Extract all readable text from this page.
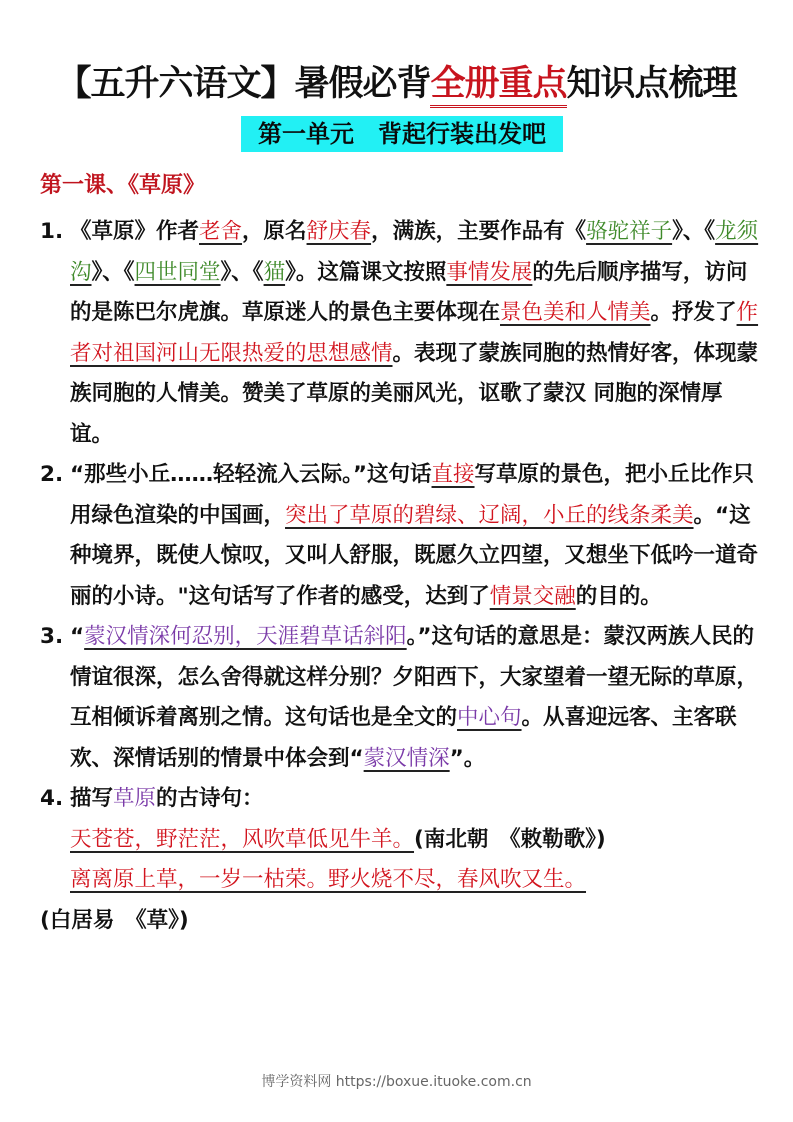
【五升六语文】暑假必背全册重点知识点梳理
第一单元　背起行装出发吧
第一课、《草原》

1. 《草原》作者老舍，原名舒庆春，满族，主要作品有《骆驼祥子》、《龙须沟》、《四世同堂》、《猫》。这篇课文按照事情发展的先后顺序描写，访问的是陈巴尔虎旗。草原迷人的景色主要体现在景色美和人情美。抒发了作者对祖国河山无限热爱的思想感情。表现了蒙族同胞的热情好客，体现蒙族同胞的人情美。赞美了草原的美丽风光，讴歌了蒙汉 同胞的深情厚谊。

2. “那些小丘……轻轻流入云际。”这句话直接写草原的景色，把小丘比作只用绿色渲染的中国画，突出了草原的碧绿、辽阔，小丘的线条柔美。“这种境界，既使人惊叹，又叫人舒服，既愿久立四望，又想坐下低吟一道奇丽的小诗。"这句话写了作者的感受，达到了情景交融的目的。

3. “蒙汉情深何忍别，天涯碧草话斜阳。”这句话的意思是：蒙汉两族人民的情谊很深，怎么舍得就这样分别？夕阳西下，大家望着一望无际的草原，互相倾诉着离别之情。这句话也是全文的中心句。从喜迎远客、主客联欢、深情话别的情景中体会到“蒙汉情深”。

4. 描写草原的古诗句：
天苍苍，野茫茫，风吹草低见牛羊。(南北朝　《敕勒歌》)
离离原上草，一岁一枯荣。野火烧不尽，春风吹又生。
(白居易　《草》)

博学资料网 https://boxue.ituoke.com.cn
